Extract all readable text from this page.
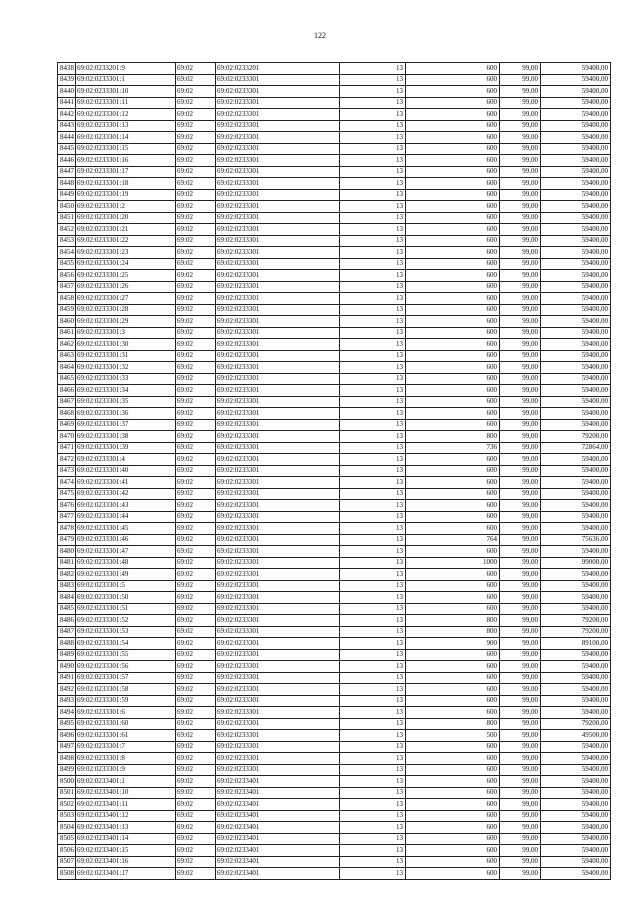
122
8438	69:02:0233201:9	69:02	69:02:0233201	13	600	99,00	59400,00
8439	69:02:0233301:1	69:02	69:02:0233301	13	600	99,00	59400,00
8440	69:02:0233301:10	69:02	69:02:0233301	13	600	99,00	59400,00
8441	69:02:0233301:11	69:02	69:02:0233301	13	600	99,00	59400,00
8442	69:02:0233301:12	69:02	69:02:0233301	13	600	99,00	59400,00
8443	69:02:0233301:13	69:02	69:02:0233301	13	600	99,00	59400,00
8444	69:02:0233301:14	69:02	69:02:0233301	13	600	99,00	59400,00
8445	69:02:0233301:15	69:02	69:02:0233301	13	600	99,00	59400,00
8446	69:02:0233301:16	69:02	69:02:0233301	13	600	99,00	59400,00
8447	69:02:0233301:17	69:02	69:02:0233301	13	600	99,00	59400,00
8448	69:02:0233301:18	69:02	69:02:0233301	13	600	99,00	59400,00
8449	69:02:0233301:19	69:02	69:02:0233301	13	600	99,00	59400,00
8450	69:02:0233301:2	69:02	69:02:0233301	13	600	99,00	59400,00
8451	69:02:0233301:20	69:02	69:02:0233301	13	600	99,00	59400,00
8452	69:02:0233301:21	69:02	69:02:0233301	13	600	99,00	59400,00
8453	69:02:0233301:22	69:02	69:02:0233301	13	600	99,00	59400,00
8454	69:02:0233301:23	69:02	69:02:0233301	13	600	99,00	59400,00
8455	69:02:0233301:24	69:02	69:02:0233301	13	600	99,00	59400,00
8456	69:02:0233301:25	69:02	69:02:0233301	13	600	99,00	59400,00
8457	69:02:0233301:26	69:02	69:02:0233301	13	600	99,00	59400,00
8458	69:02:0233301:27	69:02	69:02:0233301	13	600	99,00	59400,00
8459	69:02:0233301:28	69:02	69:02:0233301	13	600	99,00	59400,00
8460	69:02:0233301:29	69:02	69:02:0233301	13	600	99,00	59400,00
8461	69:02:0233301:3	69:02	69:02:0233301	13	600	99,00	59400,00
8462	69:02:0233301:30	69:02	69:02:0233301	13	600	99,00	59400,00
8463	69:02:0233301:31	69:02	69:02:0233301	13	600	99,00	59400,00
8464	69:02:0233301:32	69:02	69:02:0233301	13	600	99,00	59400,00
8465	69:02:0233301:33	69:02	69:02:0233301	13	600	99,00	59400,00
8466	69:02:0233301:34	69:02	69:02:0233301	13	600	99,00	59400,00
8467	69:02:0233301:35	69:02	69:02:0233301	13	600	99,00	59400,00
8468	69:02:0233301:36	69:02	69:02:0233301	13	600	99,00	59400,00
8469	69:02:0233301:37	69:02	69:02:0233301	13	600	99,00	59400,00
8470	69:02:0233301:38	69:02	69:02:0233301	13	800	99,00	79200,00
8471	69:02:0233301:39	69:02	69:02:0233301	13	736	99,00	72864,00
8472	69:02:0233301:4	69:02	69:02:0233301	13	600	99,00	59400,00
8473	69:02:0233301:40	69:02	69:02:0233301	13	600	99,00	59400,00
8474	69:02:0233301:41	69:02	69:02:0233301	13	600	99,00	59400,00
8475	69:02:0233301:42	69:02	69:02:0233301	13	600	99,00	59400,00
8476	69:02:0233301:43	69:02	69:02:0233301	13	600	99,00	59400,00
8477	69:02:0233301:44	69:02	69:02:0233301	13	600	99,00	59400,00
8478	69:02:0233301:45	69:02	69:02:0233301	13	600	99,00	59400,00
8479	69:02:0233301:46	69:02	69:02:0233301	13	764	99,00	75636,00
8480	69:02:0233301:47	69:02	69:02:0233301	13	600	99,00	59400,00
8481	69:02:0233301:48	69:02	69:02:0233301	13	1000	99,00	99000,00
8482	69:02:0233301:49	69:02	69:02:0233301	13	600	99,00	59400,00
8483	69:02:0233301:5	69:02	69:02:0233301	13	600	99,00	59400,00
8484	69:02:0233301:50	69:02	69:02:0233301	13	600	99,00	59400,00
8485	69:02:0233301:51	69:02	69:02:0233301	13	600	99,00	59400,00
8486	69:02:0233301:52	69:02	69:02:0233301	13	800	99,00	79200,00
8487	69:02:0233301:53	69:02	69:02:0233301	13	800	99,00	79200,00
8488	69:02:0233301:54	69:02	69:02:0233301	13	900	99,00	89100,00
8489	69:02:0233301:55	69:02	69:02:0233301	13	600	99,00	59400,00
8490	69:02:0233301:56	69:02	69:02:0233301	13	600	99,00	59400,00
8491	69:02:0233301:57	69:02	69:02:0233301	13	600	99,00	59400,00
8492	69:02:0233301:58	69:02	69:02:0233301	13	600	99,00	59400,00
8493	69:02:0233301:59	69:02	69:02:0233301	13	600	99,00	59400,00
8494	69:02:0233301:6	69:02	69:02:0233301	13	600	99,00	59400,00
8495	69:02:0233301:60	69:02	69:02:0233301	13	800	99,00	79200,00
8496	69:02:0233301:61	69:02	69:02:0233301	13	500	99,00	49500,00
8497	69:02:0233301:7	69:02	69:02:0233301	13	600	99,00	59400,00
8498	69:02:0233301:8	69:02	69:02:0233301	13	600	99,00	59400,00
8499	69:02:0233301:9	69:02	69:02:0233301	13	600	99,00	59400,00
8500	69:02:0233401:1	69:02	69:02:0233401	13	600	99,00	59400,00
8501	69:02:0233401:10	69:02	69:02:0233401	13	600	99,00	59400,00
8502	69:02:0233401:11	69:02	69:02:0233401	13	600	99,00	59400,00
8503	69:02:0233401:12	69:02	69:02:0233401	13	600	99,00	59400,00
8504	69:02:0233401:13	69:02	69:02:0233401	13	600	99,00	59400,00
8505	69:02:0233401:14	69:02	69:02:0233401	13	600	99,00	59400,00
8506	69:02:0233401:15	69:02	69:02:0233401	13	600	99,00	59400,00
8507	69:02:0233401:16	69:02	69:02:0233401	13	600	99,00	59400,00
8508	69:02:0233401:17	69:02	69:02:0233401	13	600	99,00	59400,00
